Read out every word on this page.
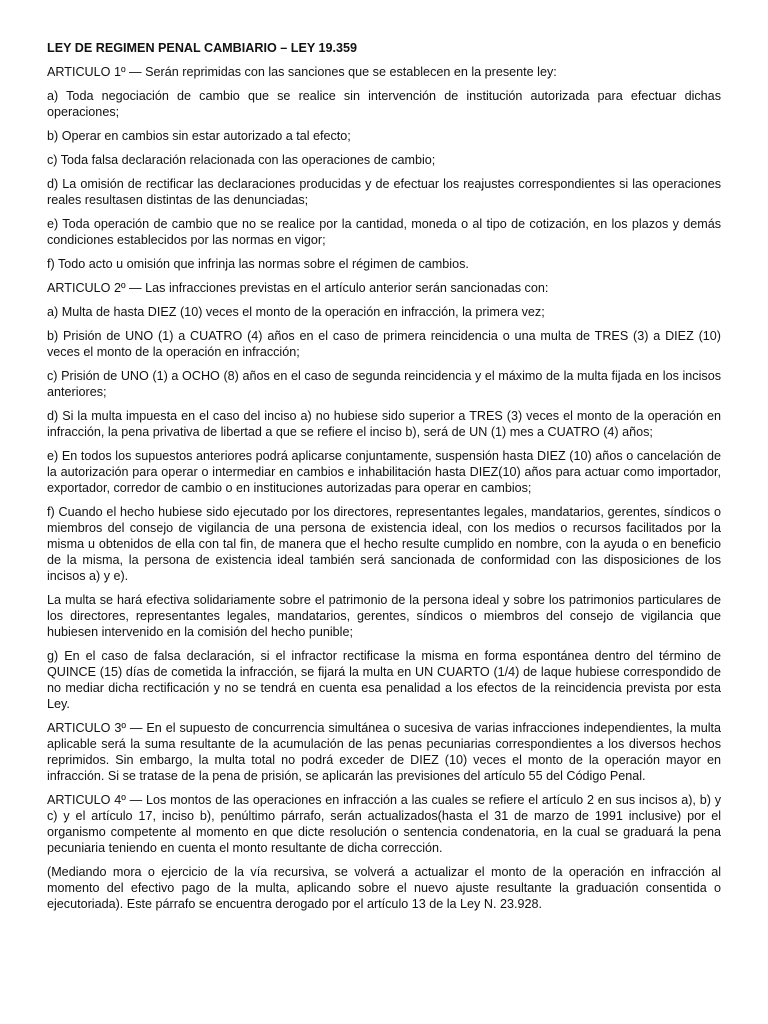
LEY DE REGIMEN PENAL CAMBIARIO – LEY 19.359

ARTICULO 1º — Serán reprimidas con las sanciones que se establecen en la presente ley:

a) Toda negociación de cambio que se realice sin intervención de institución autorizada para efectuar dichas operaciones;

b) Operar en cambios sin estar autorizado a tal efecto;

c) Toda falsa declaración relacionada con las operaciones de cambio;

d) La omisión de rectificar las declaraciones producidas y de efectuar los reajustes correspondientes si las operaciones reales resultasen distintas de las denunciadas;

e) Toda operación de cambio que no se realice por la cantidad, moneda o al tipo de cotización, en los plazos y demás condiciones establecidos por las normas en vigor;

f) Todo acto u omisión que infrinja las normas sobre el régimen de cambios.

ARTICULO 2º — Las infracciones previstas en el artículo anterior serán sancionadas con:

a) Multa de hasta DIEZ (10) veces el monto de la operación en infracción, la primera vez;

b) Prisión de UNO (1) a CUATRO (4) años en el caso de primera reincidencia o una multa de TRES (3) a DIEZ (10) veces el monto de la operación en infracción;

c) Prisión de UNO (1) a OCHO (8) años en el caso de segunda reincidencia y el máximo de la multa fijada en los incisos anteriores;

d) Si la multa impuesta en el caso del inciso a) no hubiese sido superior a TRES (3) veces el monto de la operación en infracción, la pena privativa de libertad a que se refiere el inciso b), será de UN (1) mes a CUATRO (4) años;

e) En todos los supuestos anteriores podrá aplicarse conjuntamente, suspensión hasta DIEZ (10) años o cancelación de la autorización para operar o intermediar en cambios e inhabilitación hasta DIEZ(10) años para actuar como importador, exportador, corredor de cambio o en instituciones autorizadas para operar en cambios;

f) Cuando el hecho hubiese sido ejecutado por los directores, representantes legales, mandatarios, gerentes, síndicos o miembros del consejo de vigilancia de una persona de existencia ideal, con los medios o recursos facilitados por la misma u obtenidos de ella con tal fin, de manera que el hecho resulte cumplido en nombre, con la ayuda o en beneficio de la misma, la persona de existencia ideal también será sancionada de conformidad con las disposiciones de los incisos a) y e).

La multa se hará efectiva solidariamente sobre el patrimonio de la persona ideal y sobre los patrimonios particulares de los directores, representantes legales, mandatarios, gerentes, síndicos o miembros del consejo de vigilancia que hubiesen intervenido en la comisión del hecho punible;

g) En el caso de falsa declaración, si el infractor rectificase la misma en forma espontánea dentro del término de QUINCE (15) días de cometida la infracción, se fijará la multa en UN CUARTO (1/4) de laque hubiese correspondido de no mediar dicha rectificación y no se tendrá en cuenta esa penalidad a los efectos de la reincidencia prevista por esta Ley.

ARTICULO 3º — En el supuesto de concurrencia simultánea o sucesiva de varias infracciones independientes, la multa aplicable será la suma resultante de la acumulación de las penas pecuniarias correspondientes a los diversos hechos reprimidos. Sin embargo, la multa total no podrá exceder de DIEZ (10) veces el monto de la operación mayor en infracción. Si se tratase de la pena de prisión, se aplicarán las previsiones del artículo 55 del Código Penal.

ARTICULO 4º — Los montos de las operaciones en infracción a las cuales se refiere el artículo 2 en sus incisos a), b) y c) y el artículo 17, inciso b), penúltimo párrafo, serán actualizados(hasta el 31 de marzo de 1991 inclusive) por el organismo competente al momento en que dicte resolución o sentencia condenatoria, en la cual se graduará la pena pecuniaria teniendo en cuenta el monto resultante de dicha corrección.

(Mediando mora o ejercicio de la vía recursiva, se volverá a actualizar el monto de la operación en infracción al momento del efectivo pago de la multa, aplicando sobre el nuevo ajuste resultante la graduación consentida o ejecutoriada). Este párrafo se encuentra derogado por el artículo 13 de la Ley N. 23.928.
